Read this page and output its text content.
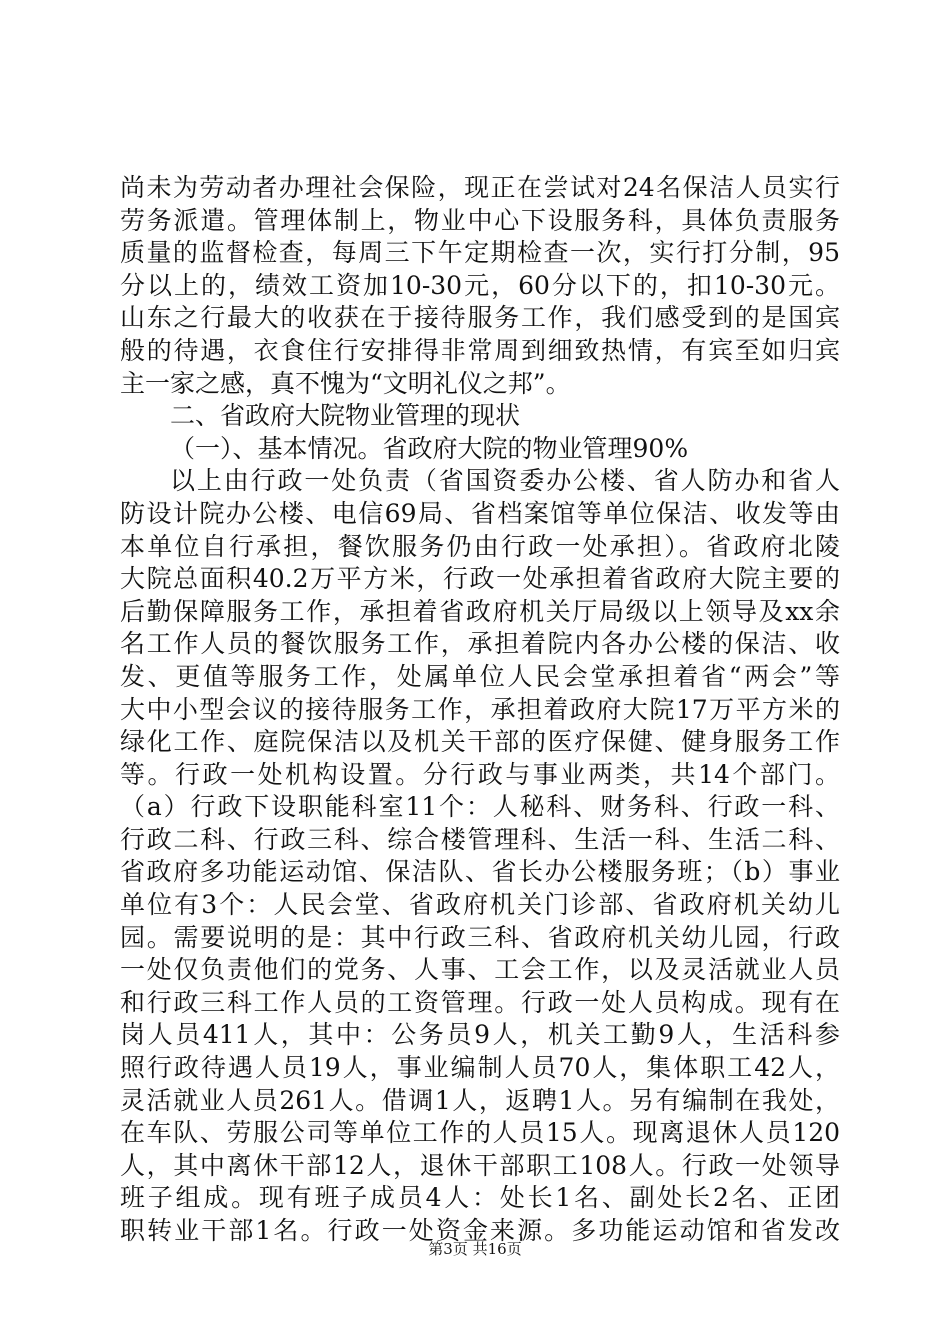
尚未为劳动者办理社会保险，现正在尝试对24名保洁人员实行
劳务派遣。管理体制上，物业中心下设服务科，具体负责服务
质量的监督检查，每周三下午定期检查一次，实行打分制，95
分以上的，绩效工资加10-30元，60分以下的，扣10-30元。
山东之行最大的收获在于接待服务工作，我们感受到的是国宾
般的待遇，衣食住行安排得非常周到细致热情，有宾至如归宾
主一家之感，真不愧为“文明礼仪之邦”。
二、省政府大院物业管理的现状
（一）、基本情况。省政府大院的物业管理90%
以上由行政一处负责（省国资委办公楼、省人防办和省人
防设计院办公楼、电信69局、省档案馆等单位保洁、收发等由
本单位自行承担，餐饮服务仍由行政一处承担）。省政府北陵
大院总面积40.2万平方米，行政一处承担着省政府大院主要的
后勤保障服务工作，承担着省政府机关厅局级以上领导及xx余
名工作人员的餐饮服务工作，承担着院内各办公楼的保洁、收
发、更值等服务工作，处属单位人民会堂承担着省“两会”等
大中小型会议的接待服务工作，承担着政府大院17万平方米的
绿化工作、庭院保洁以及机关干部的医疗保健、健身服务工作
等。行政一处机构设置。分行政与事业两类，共14个部门。
（a）行政下设职能科室11个：人秘科、财务科、行政一科、
行政二科、行政三科、综合楼管理科、生活一科、生活二科、
省政府多功能运动馆、保洁队、省长办公楼服务班；（b）事业
单位有3个：人民会堂、省政府机关门诊部、省政府机关幼儿
园。需要说明的是：其中行政三科、省政府机关幼儿园，行政
一处仅负责他们的党务、人事、工会工作，以及灵活就业人员
和行政三科工作人员的工资管理。行政一处人员构成。现有在
岗人员411人，其中：公务员9人，机关工勤9人，生活科参
照行政待遇人员19人，事业编制人员70人，集体职工42人，
灵活就业人员261人。借调1人，返聘1人。另有编制在我处，
在车队、劳服公司等单位工作的人员15人。现离退休人员120
人，其中离休干部12人，退休干部职工108人。行政一处领导
班子组成。现有班子成员4人：处长1名、副处长2名、正团
职转业干部1名。行政一处资金来源。多功能运动馆和省发改
第3页 共16页
